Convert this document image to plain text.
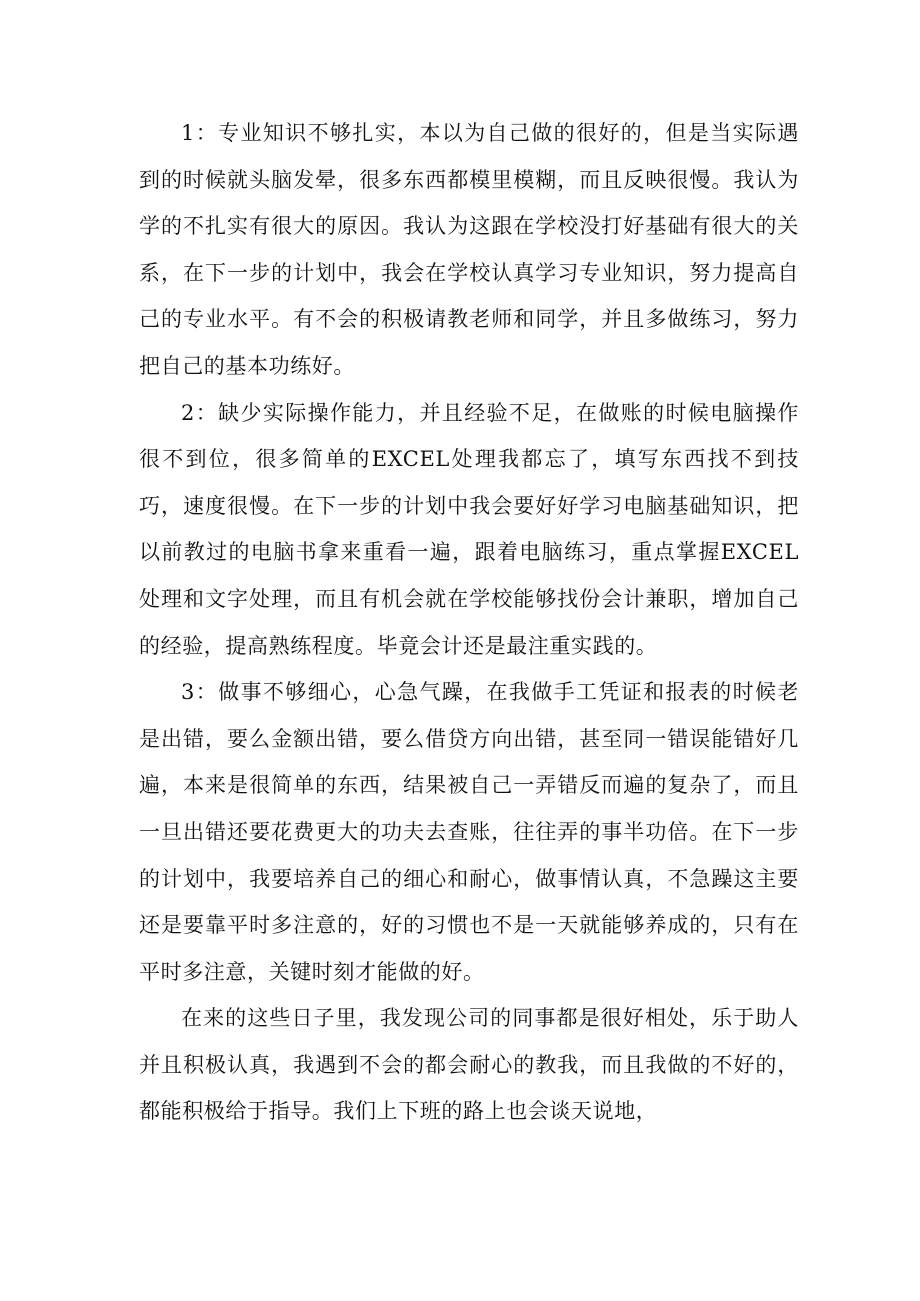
1：专业知识不够扎实，本以为自己做的很好的，但是当实际遇到的时候就头脑发晕，很多东西都模里模糊，而且反映很慢。我认为学的不扎实有很大的原因。我认为这跟在学校没打好基础有很大的关系，在下一步的计划中，我会在学校认真学习专业知识，努力提高自己的专业水平。有不会的积极请教老师和同学，并且多做练习，努力把自己的基本功练好。

2：缺少实际操作能力，并且经验不足，在做账的时候电脑操作很不到位，很多简单的EXCEL处理我都忘了，填写东西找不到技巧，速度很慢。在下一步的计划中我会要好好学习电脑基础知识，把以前教过的电脑书拿来重看一遍，跟着电脑练习，重点掌握EXCEL处理和文字处理，而且有机会就在学校能够找份会计兼职，增加自己的经验，提高熟练程度。毕竟会计还是最注重实践的。

3：做事不够细心，心急气躁，在我做手工凭证和报表的时候老是出错，要么金额出错，要么借贷方向出错，甚至同一错误能错好几遍，本来是很简单的东西，结果被自己一弄错反而遍的复杂了，而且一旦出错还要花费更大的功夫去查账，往往弄的事半功倍。在下一步的计划中，我要培养自己的细心和耐心，做事情认真，不急躁这主要还是要靠平时多注意的，好的习惯也不是一天就能够养成的，只有在平时多注意，关键时刻才能做的好。

在来的这些日子里，我发现公司的同事都是很好相处，乐于助人并且积极认真，我遇到不会的都会耐心的教我，而且我做的不好的，都能积极给于指导。我们上下班的路上也会谈天说地，
